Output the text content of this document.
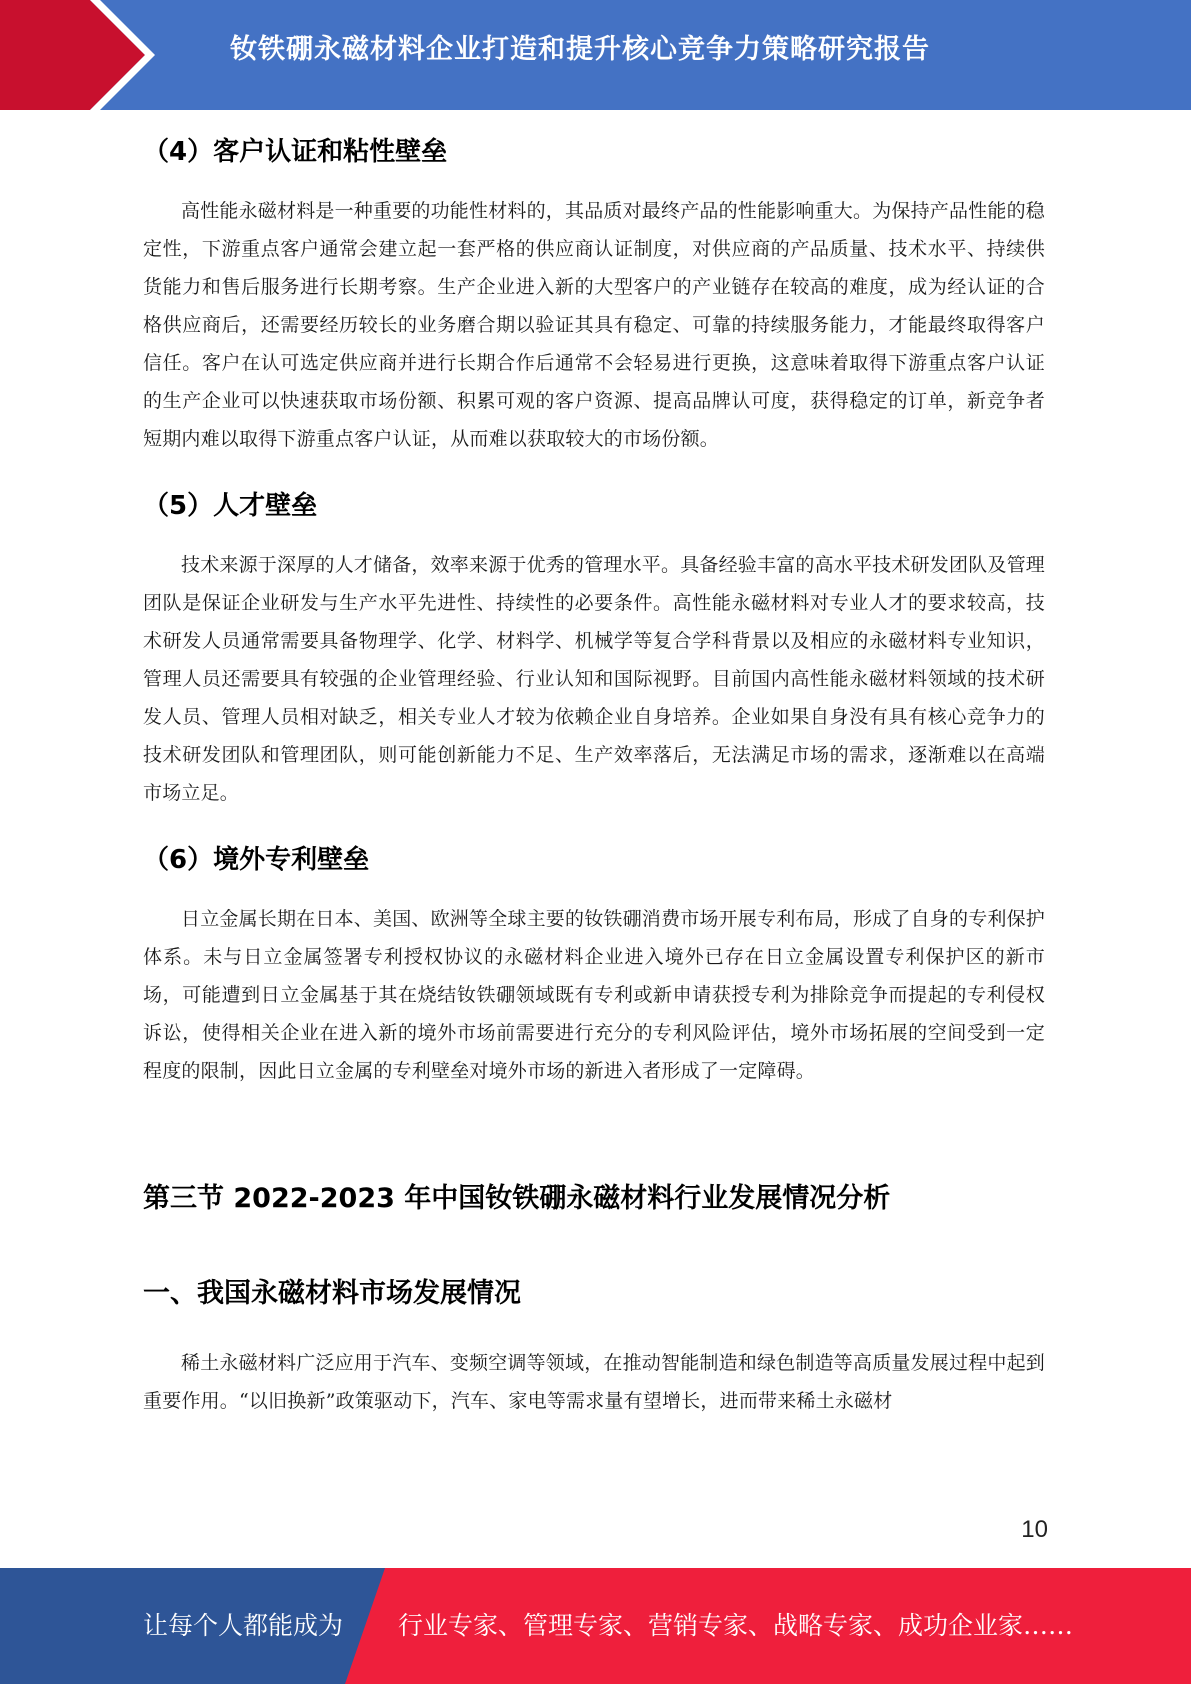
钕铁硼永磁材料企业打造和提升核心竞争力策略研究报告
（4）客户认证和粘性壁垒

高性能永磁材料是一种重要的功能性材料的，其品质对最终产品的性能影响重大。为保持产品性能的稳定性，下游重点客户通常会建立起一套严格的供应商认证制度，对供应商的产品质量、技术水平、持续供货能力和售后服务进行长期考察。生产企业进入新的大型客户的产业链存在较高的难度，成为经认证的合格供应商后，还需要经历较长的业务磨合期以验证其具有稳定、可靠的持续服务能力，才能最终取得客户信任。客户在认可选定供应商并进行长期合作后通常不会轻易进行更换，这意味着取得下游重点客户认证的生产企业可以快速获取市场份额、积累可观的客户资源、提高品牌认可度，获得稳定的订单，新竞争者短期内难以取得下游重点客户认证，从而难以获取较大的市场份额。

（5）人才壁垒

技术来源于深厚的人才储备，效率来源于优秀的管理水平。具备经验丰富的高水平技术研发团队及管理团队是保证企业研发与生产水平先进性、持续性的必要条件。高性能永磁材料对专业人才的要求较高，技术研发人员通常需要具备物理学、化学、材料学、机械学等复合学科背景以及相应的永磁材料专业知识，管理人员还需要具有较强的企业管理经验、行业认知和国际视野。目前国内高性能永磁材料领域的技术研发人员、管理人员相对缺乏，相关专业人才较为依赖企业自身培养。企业如果自身没有具有核心竞争力的技术研发团队和管理团队，则可能创新能力不足、生产效率落后，无法满足市场的需求，逐渐难以在高端市场立足。

（6）境外专利壁垒

日立金属长期在日本、美国、欧洲等全球主要的钕铁硼消费市场开展专利布局，形成了自身的专利保护体系。未与日立金属签署专利授权协议的永磁材料企业进入境外已存在日立金属设置专利保护区的新市场，可能遭到日立金属基于其在烧结钕铁硼领域既有专利或新申请获授专利为排除竞争而提起的专利侵权诉讼，使得相关企业在进入新的境外市场前需要进行充分的专利风险评估，境外市场拓展的空间受到一定程度的限制，因此日立金属的专利壁垒对境外市场的新进入者形成了一定障碍。

第三节 2022-2023 年中国钕铁硼永磁材料行业发展情况分析
一、我国永磁材料市场发展情况

稀土永磁材料广泛应用于汽车、变频空调等领域，在推动智能制造和绿色制造等高质量发展过程中起到重要作用。“以旧换新”政策驱动下，汽车、家电等需求量有望增长，进而带来稀土永磁材

10
让每个人都能成为 行业专家、管理专家、营销专家、战略专家、成功企业家……
